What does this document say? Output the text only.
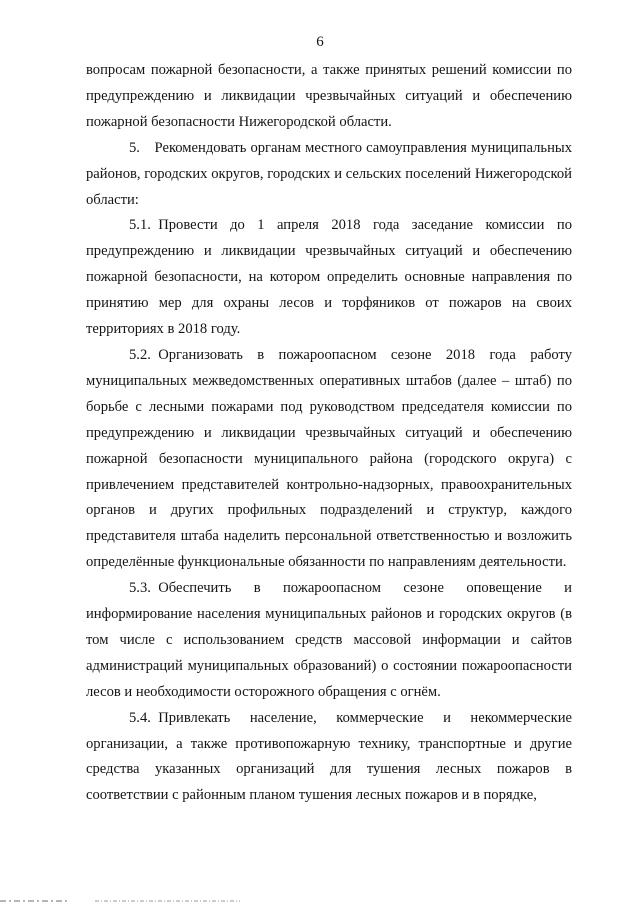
6

вопросам пожарной безопасности, а также принятых решений комиссии по предупреждению и ликвидации чрезвычайных ситуаций и обеспечению пожарной безопасности Нижегородской области.

5. Рекомендовать органам местного самоуправления муниципальных районов, городских округов, городских и сельских поселений Нижегородской области:

5.1. Провести до 1 апреля 2018 года заседание комиссии по предупреждению и ликвидации чрезвычайных ситуаций и обеспечению пожарной безопасности, на котором определить основные направления по принятию мер для охраны лесов и торфяников от пожаров на своих территориях в 2018 году.

5.2. Организовать в пожароопасном сезоне 2018 года работу муниципальных межведомственных оперативных штабов (далее – штаб) по борьбе с лесными пожарами под руководством председателя комиссии по предупреждению и ликвидации чрезвычайных ситуаций и обеспечению пожарной безопасности муниципального района (городского округа) с привлечением представителей контрольно-надзорных, правоохранительных органов и других профильных подразделений и структур, каждого представителя штаба наделить персональной ответственностью и возложить определённые функциональные обязанности по направлениям деятельности.

5.3. Обеспечить в пожароопасном сезоне оповещение и информирование населения муниципальных районов и городских округов (в том числе с использованием средств массовой информации и сайтов администраций муниципальных образований) о состоянии пожароопасности лесов и необходимости осторожного обращения с огнём.

5.4. Привлекать население, коммерческие и некоммерческие организации, а также противопожарную технику, транспортные и другие средства указанных организаций для тушения лесных пожаров в соответствии с районным планом тушения лесных пожаров и в порядке,
